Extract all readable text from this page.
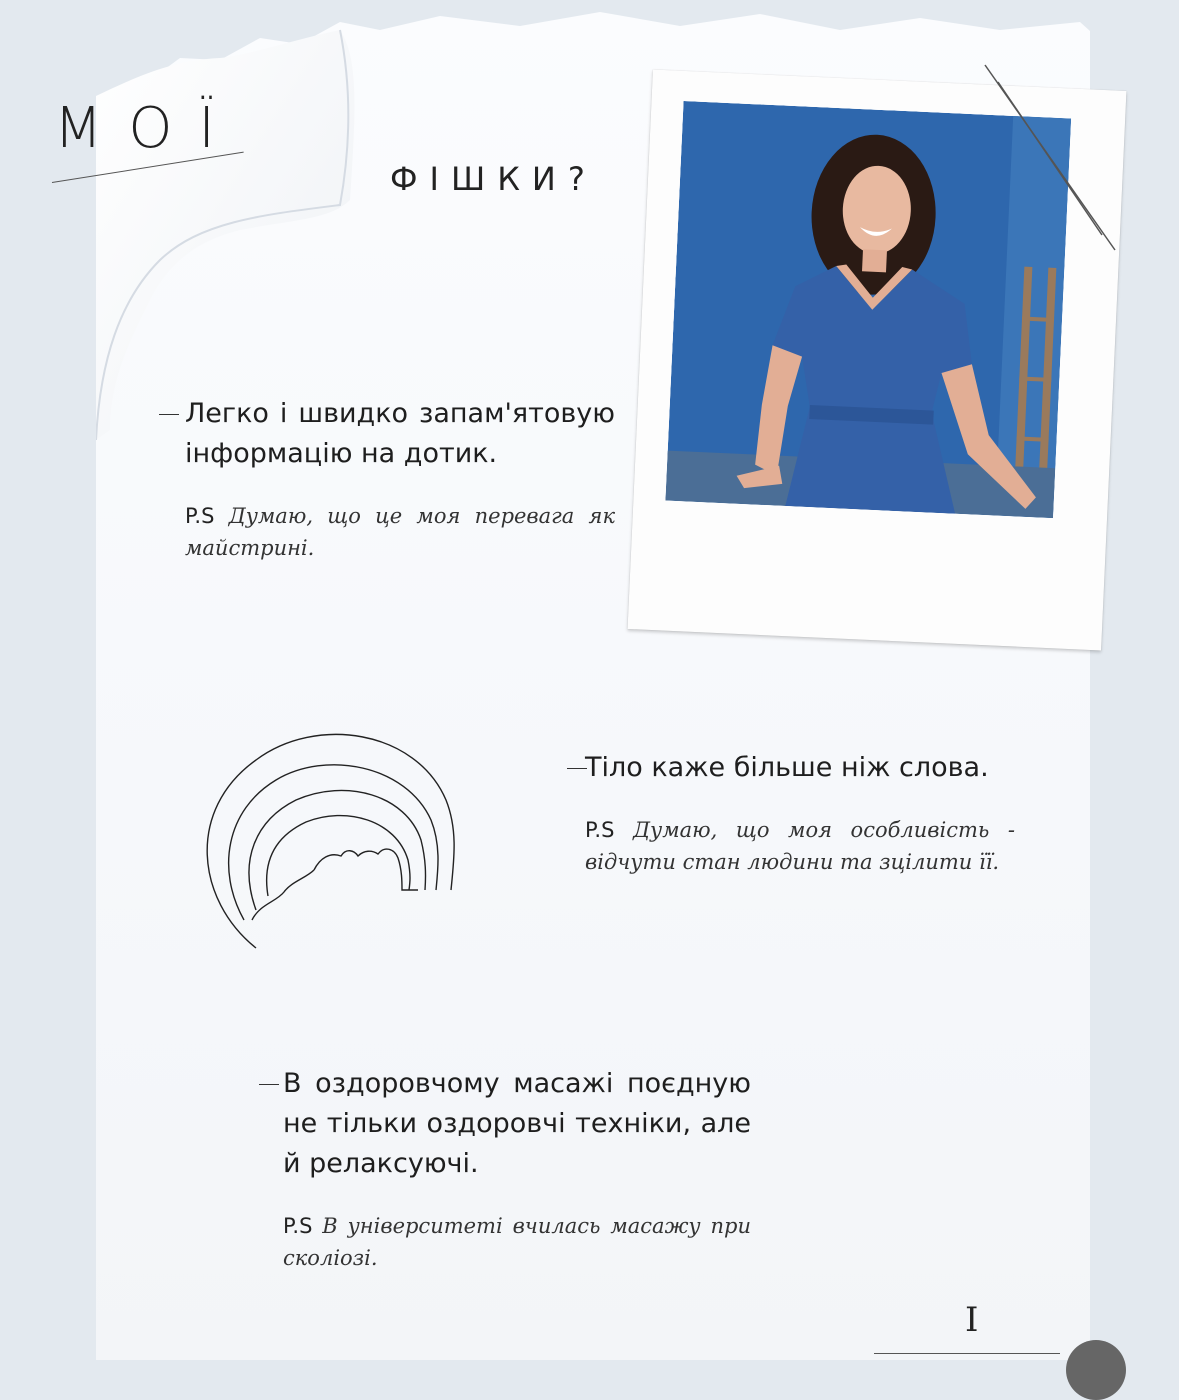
МОЇ
ФІШКИ?

Легко і швидко запам'ятовую інформацію на дотик.

P.S Думаю, що це моя перевага як майстрині.

Тіло каже більше ніж слова.

P.S Думаю, що моя особливість - відчути стан людини та зцілити її.

В оздоровчому масажі поєдную не тільки оздоровчі техніки, але й релаксуючі.

P.S В університеті вчилась масажу при сколіозі.
I
